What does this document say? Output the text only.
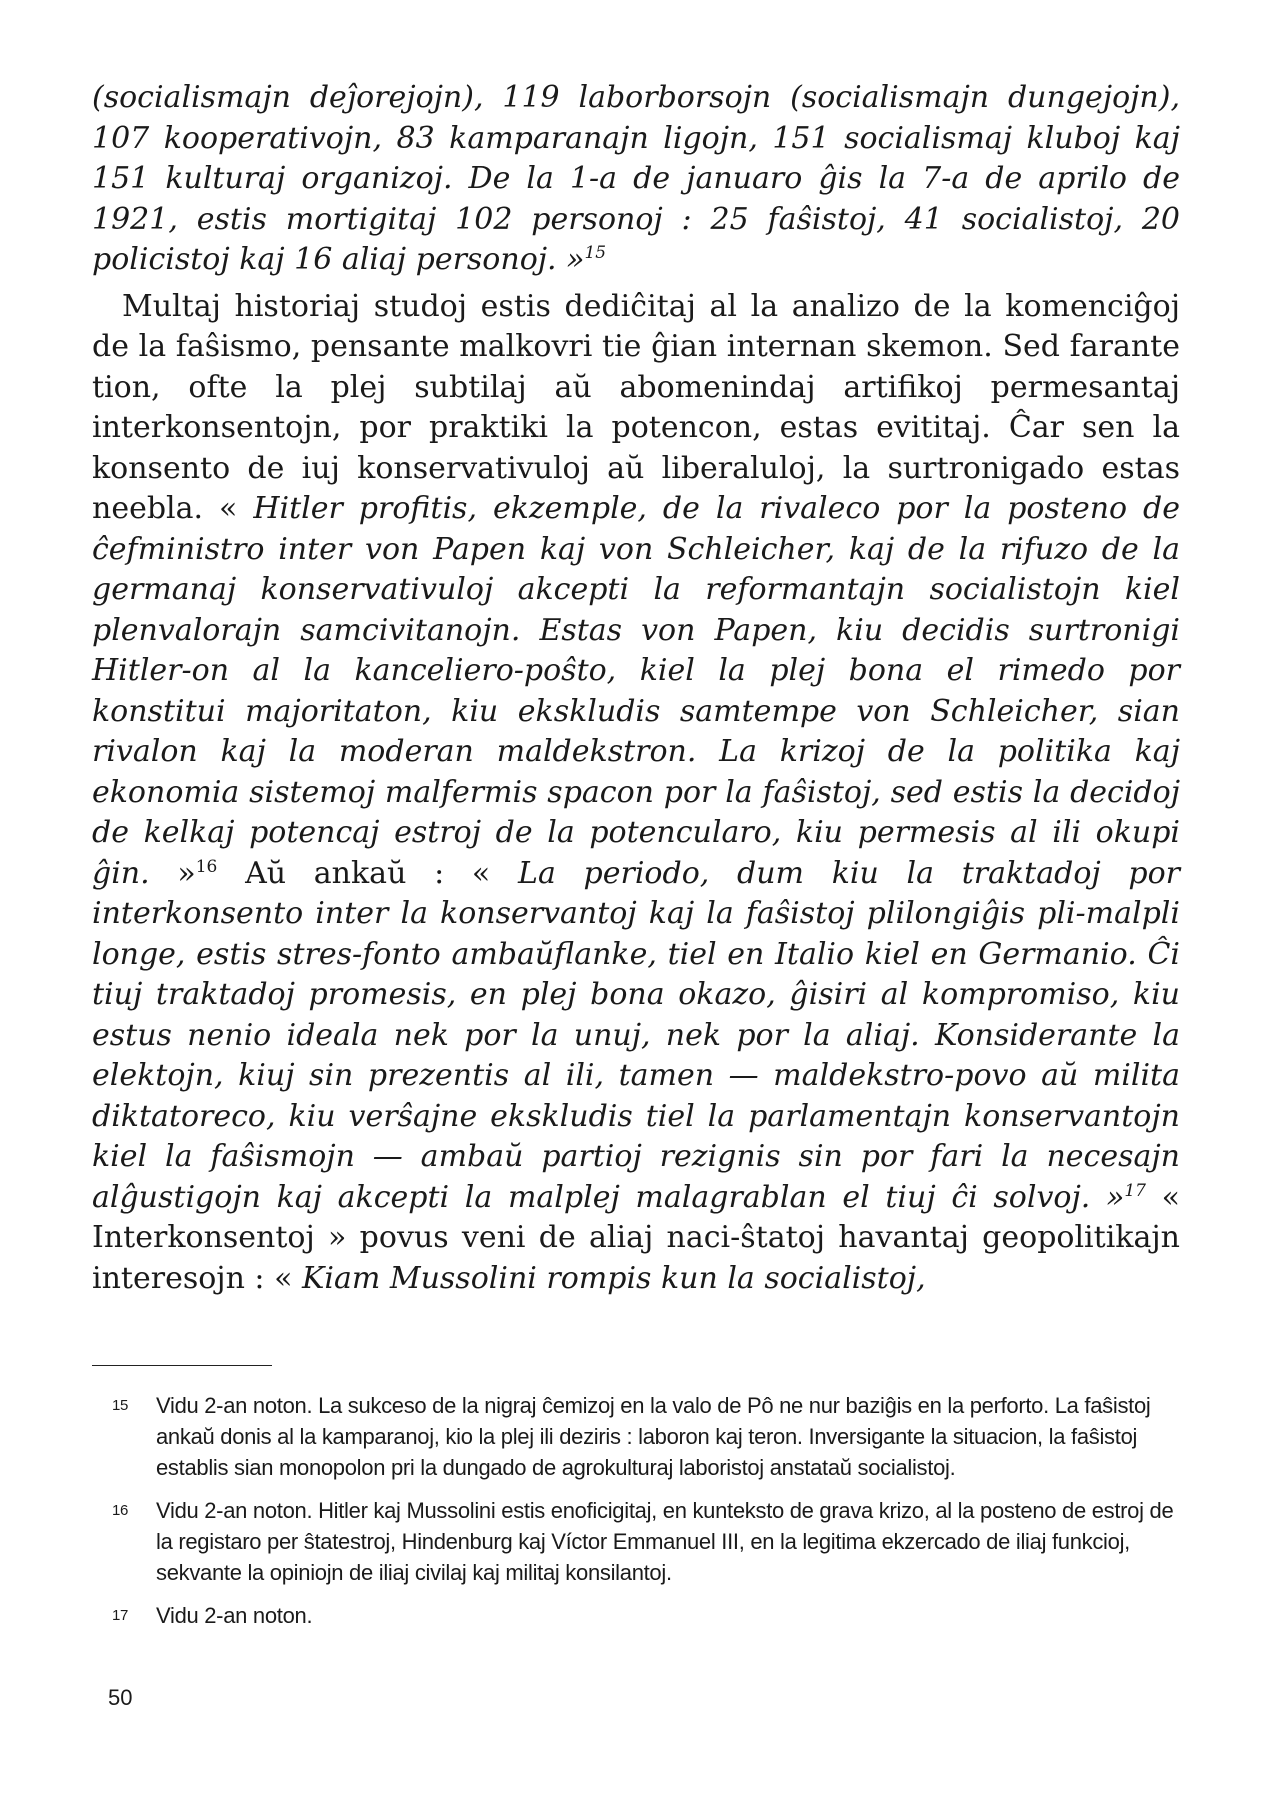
(socialismajn deĵorejojn), 119 laborborsojn (socialismajn dungejojn), 107 kooperativojn, 83 kamparanajn ligojn, 151 socialismaj kluboj kaj 151 kulturaj organizoj. De la 1-a de januaro ĝis la 7-a de aprilo de 1921, estis mortigitaj 102 personoj : 25 faŝistoj, 41 socialistoj, 20 policistoj kaj 16 aliaj personoj. »$^{15}$

Multaj historiaj studoj estis dediĉitaj al la analizo de la komenciĝoj de la faŝismo, pensante malkovri tie ĝian internan skemon. Sed farante tion, ofte la plej subtilaj aŭ abomenindaj artifikoj permesantaj interkonsentojn, por praktiki la potencon, estas evititaj. Ĉar sen la konsento de iuj konservativuloj aŭ liberaluloj, la surtronigado estas neebla. « Hitler profitis, ekzemple, de la rivaleco por la posteno de ĉefministro inter von Papen kaj von Schleicher, kaj de la rifuzo de la germanaj konservativuloj akcepti la reformantajn socialistojn kiel plenvalorajn samcivitanojn. Estas von Papen, kiu decidis surtronigi Hitler-on al la kanceliero-poŝto, kiel la plej bona el rimedo por konstitui majoritaton, kiu ekskludis samtempe von Schleicher, sian rivalon kaj la moderan maldekstron. La krizoj de la politika kaj ekonomia sistemoj malfermis spacon por la faŝistoj, sed estis la decidoj de kelkaj potencaj estroj de la potencularo, kiu permesis al ili okupi ĝin. »$^{16}$ Aŭ ankaŭ : « La periodo, dum kiu la traktadoj por interkonsento inter la konservantoj kaj la faŝistoj plilongiĝis pli-malpli longe, estis stres-fonto ambaŭflanke, tiel en Italio kiel en Germanio. Ĉi tiuj traktadoj promesis, en plej bona okazo, ĝisiri al kompromiso, kiu estus nenio ideala nek por la unuj, nek por la aliaj. Konsiderante la elektojn, kiuj sin prezentis al ili, tamen — maldekstro-povo aŭ milita diktatoreco, kiu verŝajne ekskludis tiel la parlamentajn konservantojn kiel la faŝismojn — ambaŭ partioj rezignis sin por fari la necesajn alĝustigojn kaj akcepti la malplej malagrablan el tiuj ĉi solvoj. »$^{17}$ « Interkonsentoj » povus veni de aliaj naci-ŝtatoj havantaj geopolitikajn interesojn : « Kiam Mussolini rompis kun la socialistoj,

15	Vidu 2-an noton. La sukceso de la nigraj ĉemizoj en la valo de Pô ne nur baziĝis en la perforto. La faŝistoj ankaŭ donis al la kamparanoj, kio la plej ili deziris : laboron kaj teron. Inversigante la situacion, la faŝistoj establis sian monopolon pri la dungado de agrokulturaj laboristoj anstataŭ socialistoj.

16	Vidu 2-an noton. Hitler kaj Mussolini estis enoficigitaj, en kunteksto de grava krizo, al la posteno de estroj de la registaro per ŝtatestroj, Hindenburg kaj Víctor Emmanuel III, en la legitima ekzercado de iliaj funkcioj, sekvante la opiniojn de iliaj civilaj kaj militaj konsilantoj.

17	Vidu 2-an noton.

50
